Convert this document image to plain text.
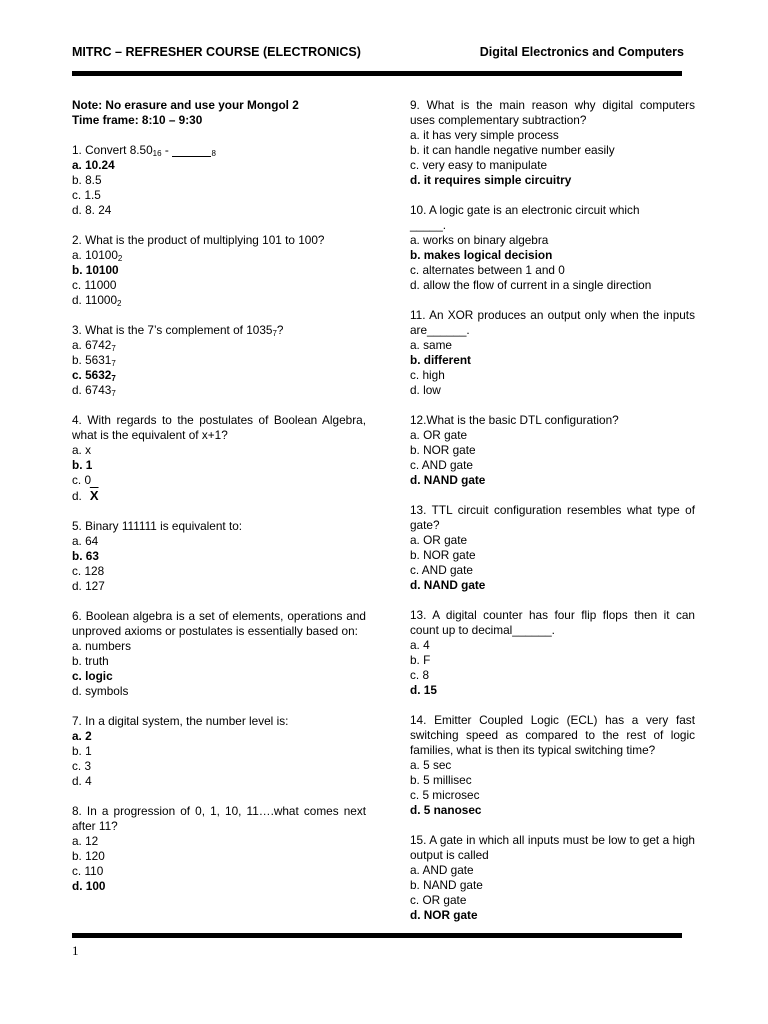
MITRC – REFRESHER COURSE (ELECTRONICS)	Digital Electronics and Computers
Note: No erasure and use your Mongol 2
Time frame: 8:10 – 9:30
1. Convert $8.50_{16}$ -                                         	$_8$
a. 10.24
b. 8.5
c. 1.5
d. 8. 24
2. What is the product of multiplying 101 to 100?
a. $10100_2$
b. 10100
c. 11000
d. $11000_2$
3. What is the 7’s complement of $1035_7$?
a. $6742_7$
b. $5631_7$
c. $5632_7$
d. $6743_7$
4. With regards to the postulates of Boolean Algebra, what is the equivalent of x+1?
a. x
b. 1
c. 0
d. $\overline{X}$
5. Binary 111111 is equivalent to:
a. 64
b. 63
c. 128
d. 127
6. Boolean algebra is a set of elements, operations and unproved axioms or postulates is essentially based on:
a. numbers
b. truth
c. logic
d. symbols
7. In a digital system, the number level is:
a. 2
b. 1
c. 3
d. 4
8. In a progression of 0, 1, 10, 11….what comes next after 11?
a. 12
b. 120
c. 110
d. 100
9. What is the main reason why digital computers uses complementary subtraction?
a. it has very simple process
b. it can handle negative number easily
c. very easy to manipulate
d. it requires simple circuitry
10. A logic gate is an electronic circuit which
_____.
a. works on binary algebra
b. makes logical decision
c. alternates between 1 and 0
d. allow the flow of current in a single direction
11. An XOR produces an output only when the inputs are______.
a. same
b. different
c. high
d. low
12.What is the basic DTL configuration?
a. OR gate
b. NOR gate
c. AND gate
d. NAND gate
13. TTL circuit configuration resembles what type of gate?
a. OR gate
b. NOR gate
c. AND gate
d. NAND gate
13. A digital counter has four flip flops then it can count up to decimal______.
a. 4
b. F
c. 8
d. 15
14. Emitter Coupled Logic (ECL) has a very fast switching speed as compared to the rest of logic families, what is then its typical switching time?
a. 5 sec
b. 5 millisec
c. 5 microsec
d. 5 nanosec
15. A gate in which all inputs must be low to get a high output is called
a. AND gate
b. NAND gate
c. OR gate
d. NOR gate
1
